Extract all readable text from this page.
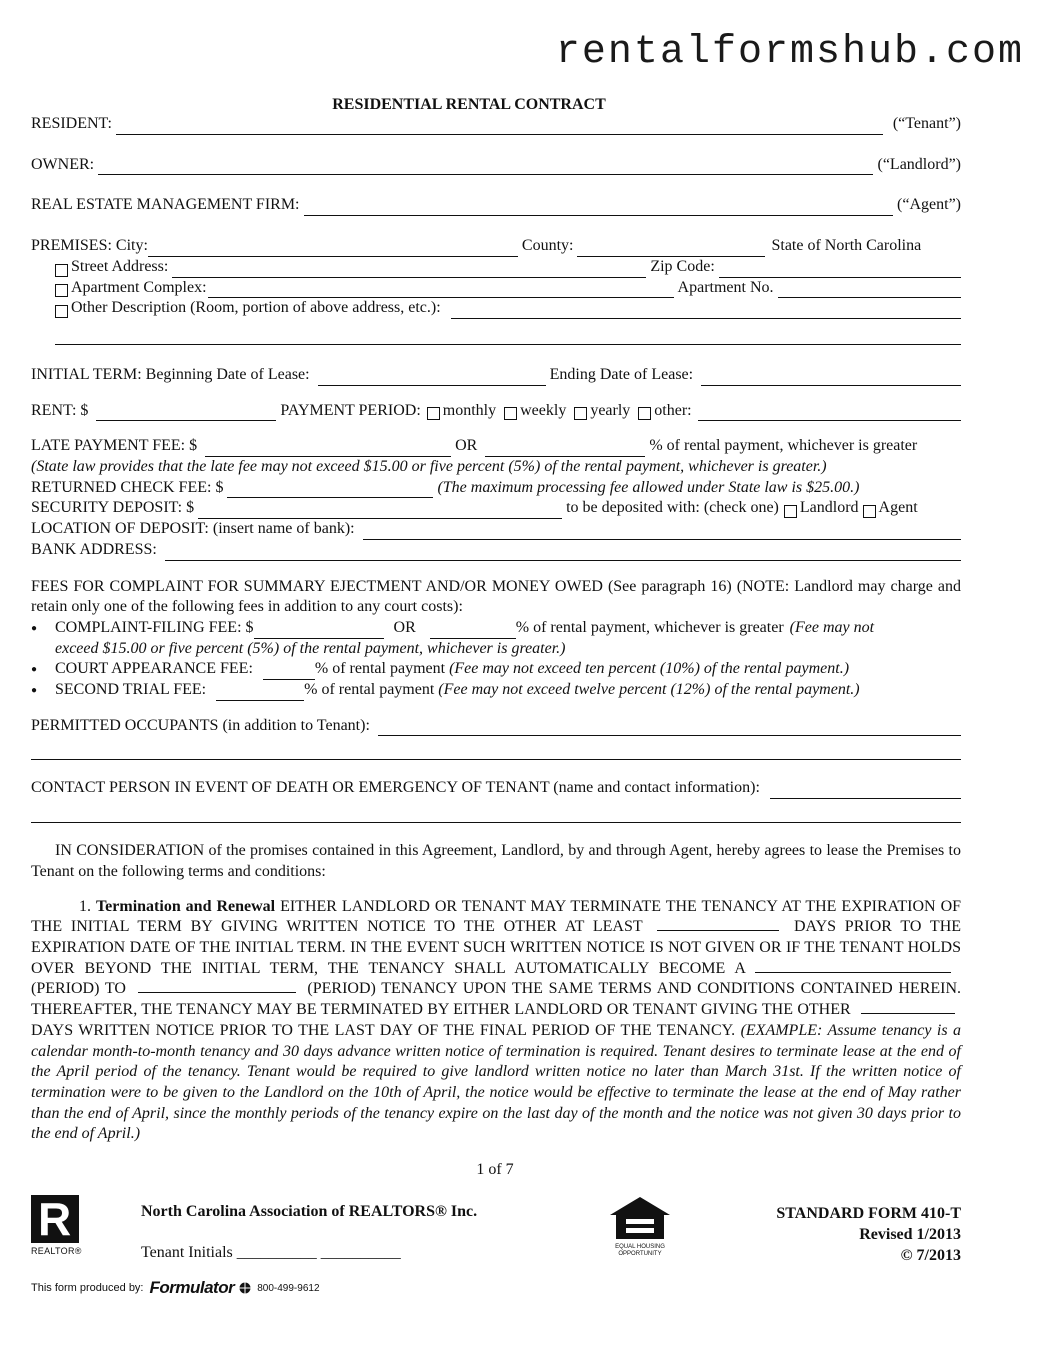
rentalformshub.com
RESIDENTIAL RENTAL CONTRACT
RESIDENT:	(“Tenant”)
OWNER:	(“Landlord”)
REAL ESTATE MANAGEMENT FIRM:	(“Agent”)
PREMISES: City:	County:	State of North Carolina
Street Address:	Zip Code:
Apartment Complex:	Apartment No.
Other Description (Room, portion of above address, etc.):
INITIAL TERM: Beginning Date of Lease:	Ending Date of Lease:
RENT: $	PAYMENT PERIOD: monthly weekly yearly other:
LATE PAYMENT FEE: $	OR	% of rental payment, whichever is greater
(State law provides that the late fee may not exceed $15.00 or five percent (5%) of the rental payment, whichever is greater.)
RETURNED CHECK FEE: $	(The maximum processing fee allowed under State law is $25.00.)
SECURITY DEPOSIT: $	to be deposited with: (check one) Landlord Agent
LOCATION OF DEPOSIT: (insert name of bank):
BANK ADDRESS:
FEES FOR COMPLAINT FOR SUMMARY EJECTMENT AND/OR MONEY OWED (See paragraph 16) (NOTE: Landlord may charge and retain only one of the following fees in addition to any court costs):
● COMPLAINT-FILING FEE: $	OR	% of rental payment, whichever is greater (Fee may not
exceed $15.00 or five percent (5%) of the rental payment, whichever is greater.)
● COURT APPEARANCE FEE:	% of rental payment (Fee may not exceed ten percent (10%) of the rental payment.)
● SECOND TRIAL FEE:	% of rental payment (Fee may not exceed twelve percent (12%) of the rental payment.)
PERMITTED OCCUPANTS (in addition to Tenant):
CONTACT PERSON IN EVENT OF DEATH OR EMERGENCY OF TENANT (name and contact information):
IN CONSIDERATION of the promises contained in this Agreement, Landlord, by and through Agent, hereby agrees to lease the Premises to Tenant on the following terms and conditions:
1. Termination and Renewal EITHER LANDLORD OR TENANT MAY TERMINATE THE TENANCY AT THE EXPIRATION OF THE INITIAL TERM BY GIVING WRITTEN NOTICE TO THE OTHER AT LEAST	DAYS PRIOR TO THE EXPIRATION DATE OF THE INITIAL TERM. IN THE EVENT SUCH WRITTEN NOTICE IS NOT GIVEN OR IF THE TENANT HOLDS OVER BEYOND THE INITIAL TERM, THE TENANCY SHALL AUTOMATICALLY BECOME A  (PERIOD) TO	(PERIOD) TENANCY UPON THE SAME TERMS AND CONDITIONS CONTAINED HEREIN. THEREAFTER, THE TENANCY MAY BE TERMINATED BY EITHER LANDLORD OR TENANT GIVING THE OTHER  DAYS WRITTEN NOTICE PRIOR TO THE LAST DAY OF THE FINAL PERIOD OF THE TENANCY. (EXAMPLE: Assume tenancy is a calendar month-to-month tenancy and 30 days advance written notice of termination is required. Tenant desires to terminate lease at the end of the April period of the tenancy. Tenant would be required to give landlord written notice no later than March 31st. If the written notice of termination were to be given to the Landlord on the 10th of April, the notice would be effective to terminate the lease at the end of May rather than the end of April, since the monthly periods of the tenancy expire on the last day of the month and the notice was not given 30 days prior to the end of April.)
1 of 7
R
REALTOR®
North Carolina Association of REALTORS® Inc.
Tenant Initials __________ __________	EQUAL HOUSING OPPORTUNITY
STANDARD FORM 410-T
Revised 1/2013
© 7/2013
This form produced by: Formulator 800-499-9612
